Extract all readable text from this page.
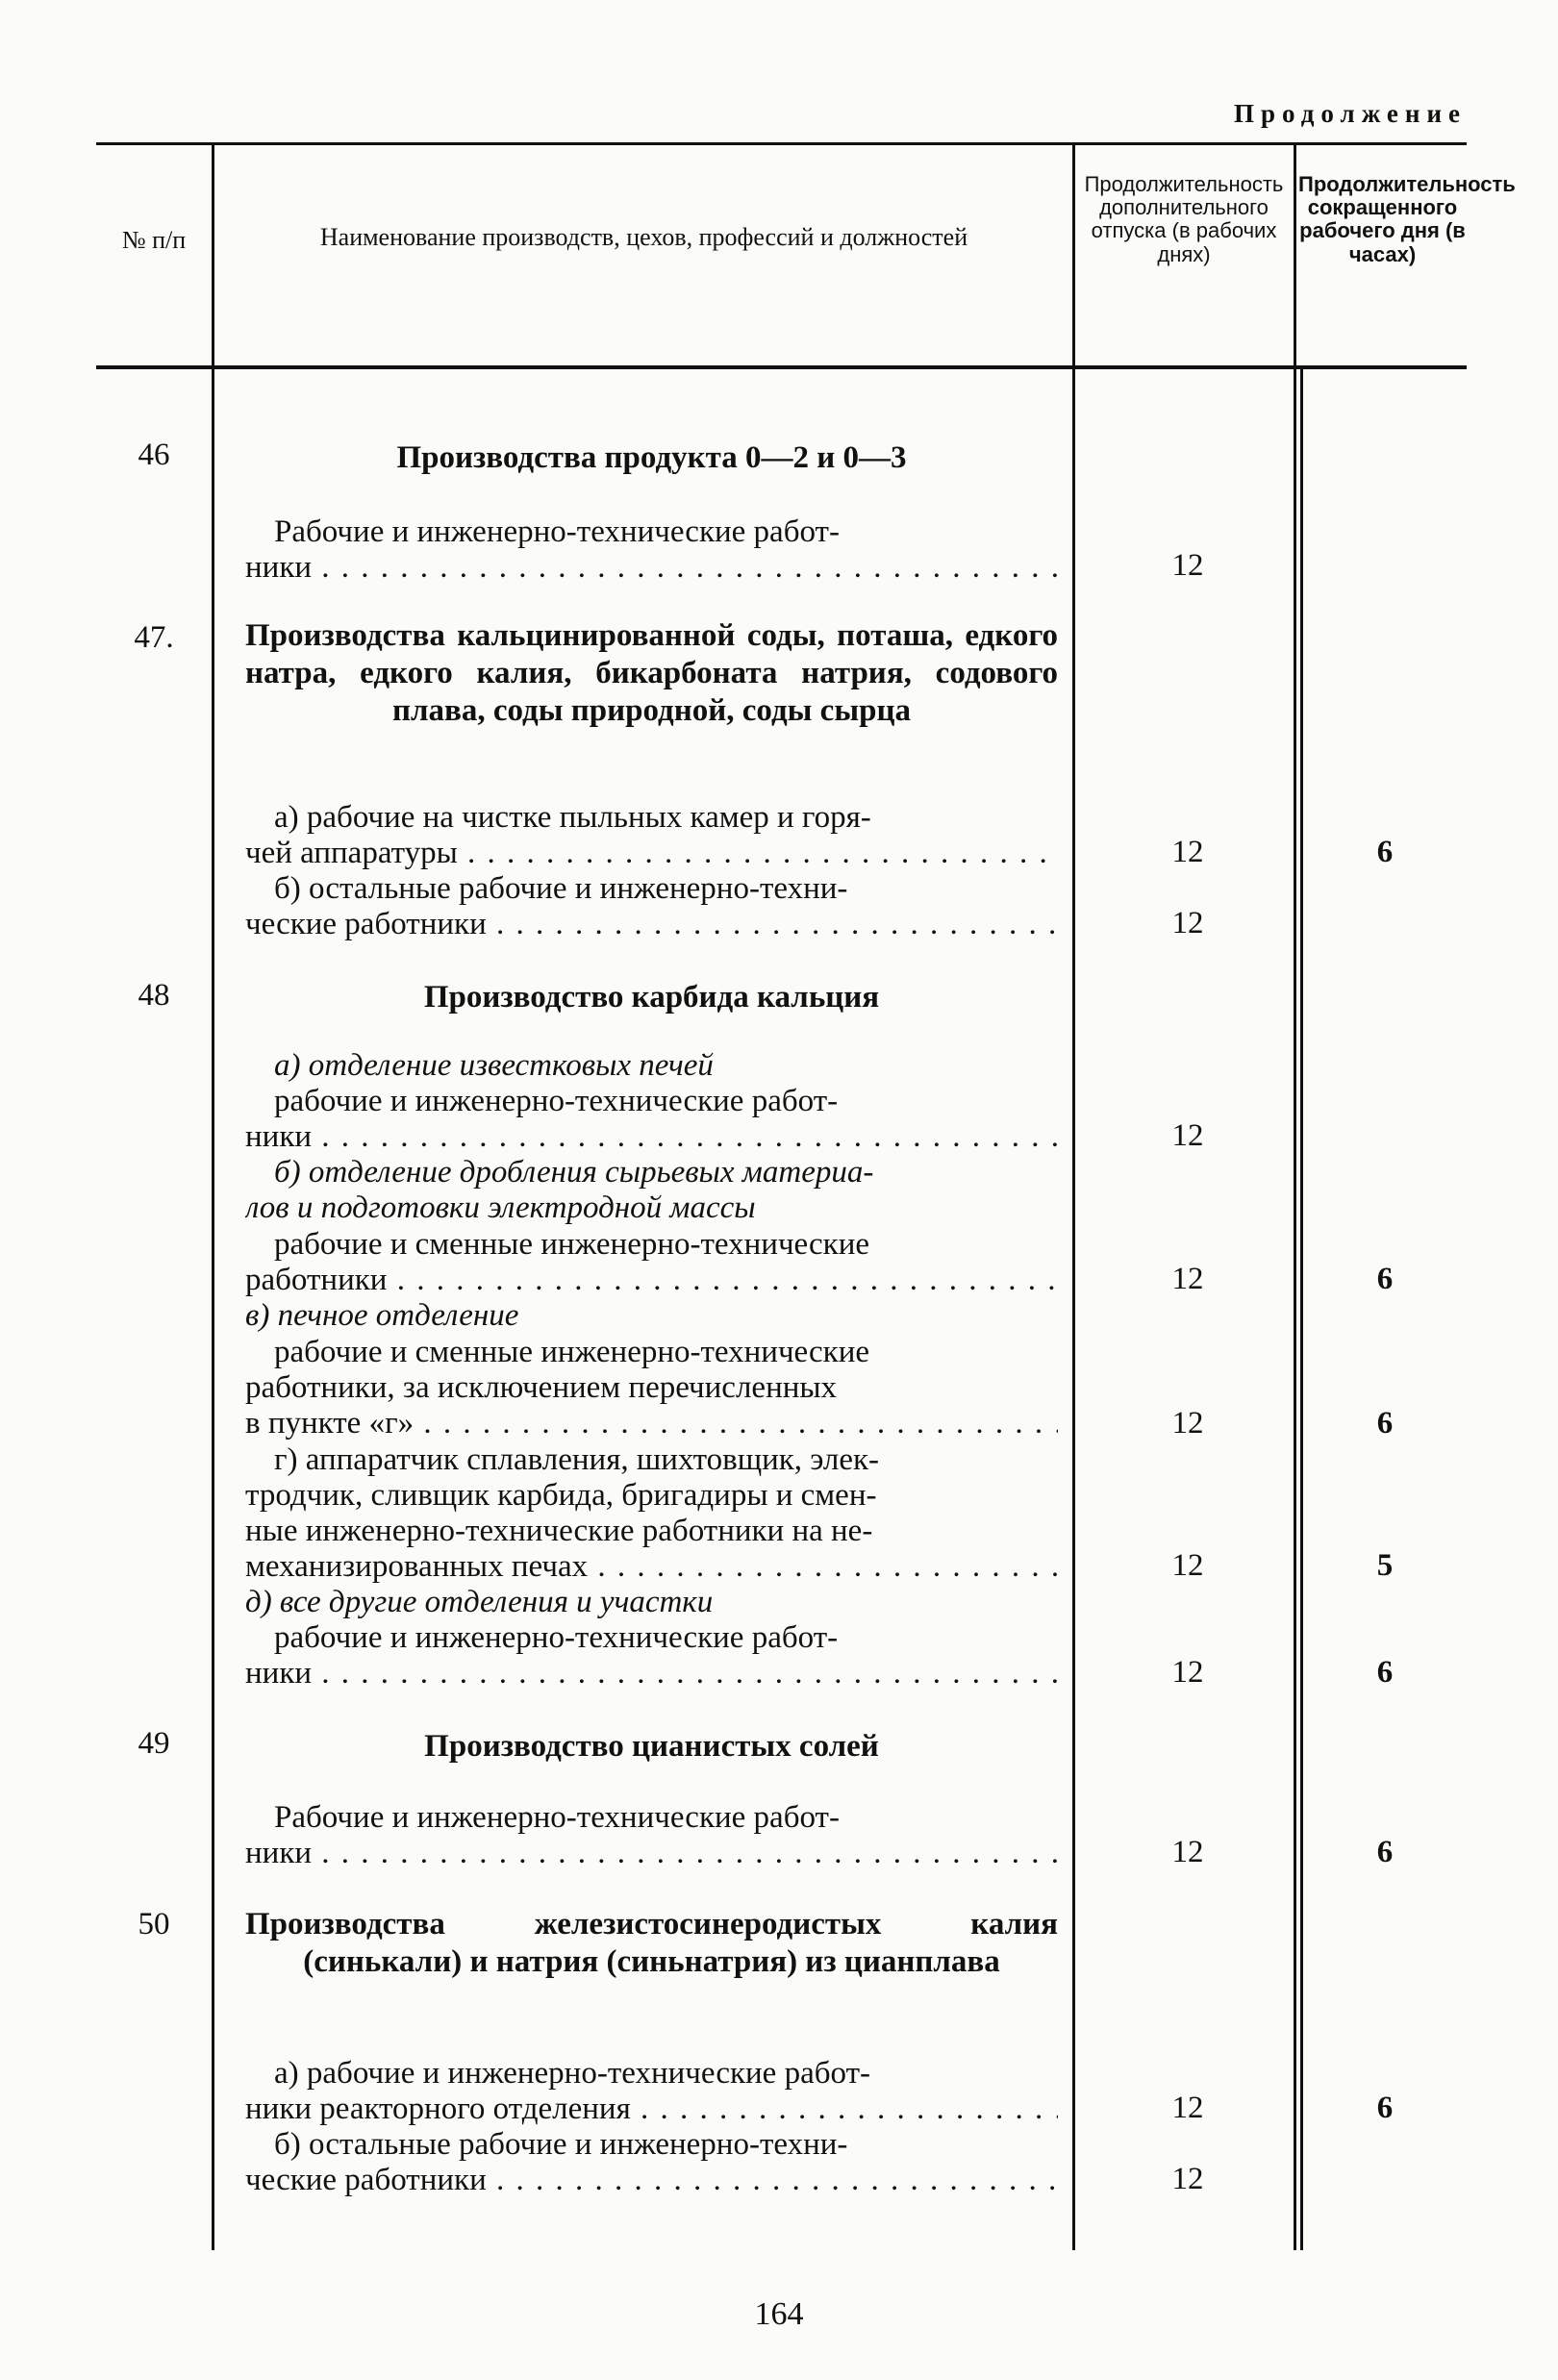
Продолжение
№ п/п	Наименование производств, цехов, профессий и должностей
Продолжительность дополнительного отпуска (в рабочих днях)
Продолжительность сокращенного рабочего дня (в часах)
46	Производства продукта 0—2 и 0—3
Рабочие и инженерно-технические работ-
ники . . .	12
47.	Производства кальцинированной соды, поташа, едкого натра, едкого калия, бикарбоната натрия, содового плава, соды природной, соды сырца
а) рабочие на чистке пыльных камер и горя-
чей аппаратуры . . .	12	6
б) остальные рабочие и инженерно-техни-
ческие работники . . .	12
48	Производство карбида кальция
а) отделение известковых печей
рабочие и инженерно-технические работ-
ники . . .	12
б) отделение дробления сырьевых материа-
лов и подготовки электродной массы
рабочие и сменные инженерно-технические
работники . . .	12	6
в) печное отделение
рабочие и сменные инженерно-технические
работники, за исключением перечисленных
в пункте «г» . . .	12	6
г) аппаратчик сплавления, шихтовщик, элек-
тродчик, сливщик карбида, бригадиры и смен-
ные инженерно-технические работники на не-
механизированных печах . . .	12	5
д) все другие отделения и участки
рабочие и инженерно-технические работ-
ники . . .	12	6
49	Производство цианистых солей
Рабочие и инженерно-технические работ-
ники . . .	12	6
50	Производства железистосинеродистых калия (синькали) и натрия (синьнатрия) из цианплава
а) рабочие и инженерно-технические работ-
ники реакторного отделения . . .	12	6
б) остальные рабочие и инженерно-техни-
ческие работники . . .	12
164
